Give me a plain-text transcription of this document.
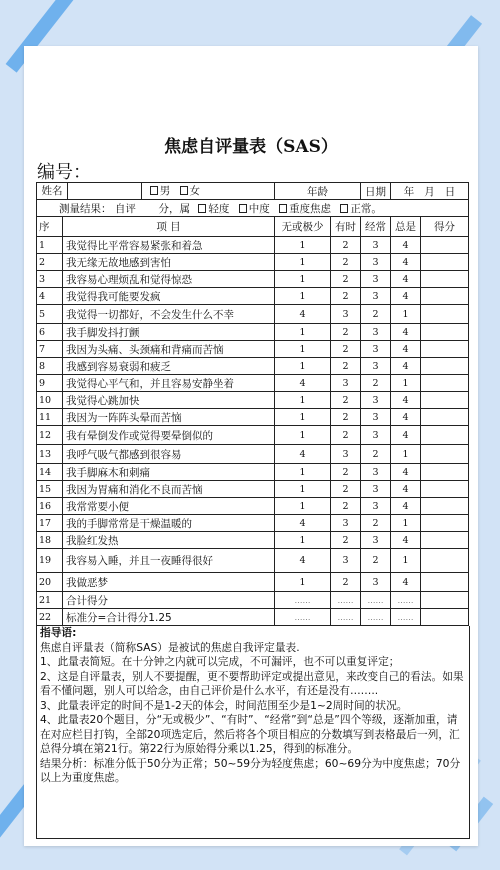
焦虑自评量表（SAS）
编号：
姓名 男 女		年龄		日期	年 月 日	
测量结果： 自评 分，属 轻度 中度 重度焦虑 正常。						
序	项 目	无或极少	有时	经常	总是	得分
1	我觉得比平常容易紧张和着急	1	2	3	4	
2	我无缘无故地感到害怕	1	2	3	4	
3	我容易心理烦乱和觉得惊恐	1	2	3	4	
4	我觉得我可能要发疯	1	2	3	4	
5	我觉得一切都好，不会发生什么不幸	4	3	2	1	
6	我手脚发抖打颤	1	2	3	4	
7	我因为头痛、头颈痛和背痛而苦恼	1	2	3	4	
8	我感到容易衰弱和疲乏	1	2	3	4	
9	我觉得心平气和，并且容易安静坐着	4	3	2	1	
10	我觉得心跳加快	1	2	3	4	
11	我因为一阵阵头晕而苦恼	1	2	3	4	
12	我有晕倒发作或觉得要晕倒似的	1	2	3	4	
13	我呼气吸气都感到很容易	4	3	2	1	
14	我手脚麻木和刺痛	1	2	3	4	
15	我因为胃痛和消化不良而苦恼	1	2	3	4	
16	我常常要小便	1	2	3	4	
17	我的手脚常常是干燥温暖的	4	3	2	1	
18	我脸红发热	1	2	3	4	
19	我容易入睡，并且一夜睡得很好	4	3	2	1	
20	我做恶梦	1	2	3	4	
21	合计得分	……	……	……	……	
22	标准分=合计得分1.25	……	……	……	……	

指导语:

焦虑自评量表（简称SAS）是被试的焦虑自我评定量表.

1、此量表简短。在十分钟之内就可以完成，不可漏评，也不可以重复评定；

2、这是自评量表，别人不要提醒，更不要帮助评定或提出意见，来改变自己的看法。如果看不懂问题，别人可以给念，由自己评价是什么水平，有还是没有……..

3、此量表评定的时间不是1-2天的体会，时间范围至少是1~2周时间的状况。

4、此量表20个题目，分“无或极少”、“有时”、“经常”到“总是”四个等级，逐渐加重，请在对应栏目打钩，全部20项选定后，然后将各个项目相应的分数填写到表格最后一列，汇总得分填在第21行。第22行为原始得分乘以1.25，得到的标准分。

结果分析：标准分低于50分为正常；50~59分为轻度焦虑；60~69分为中度焦虑；70分以上为重度焦虑。
